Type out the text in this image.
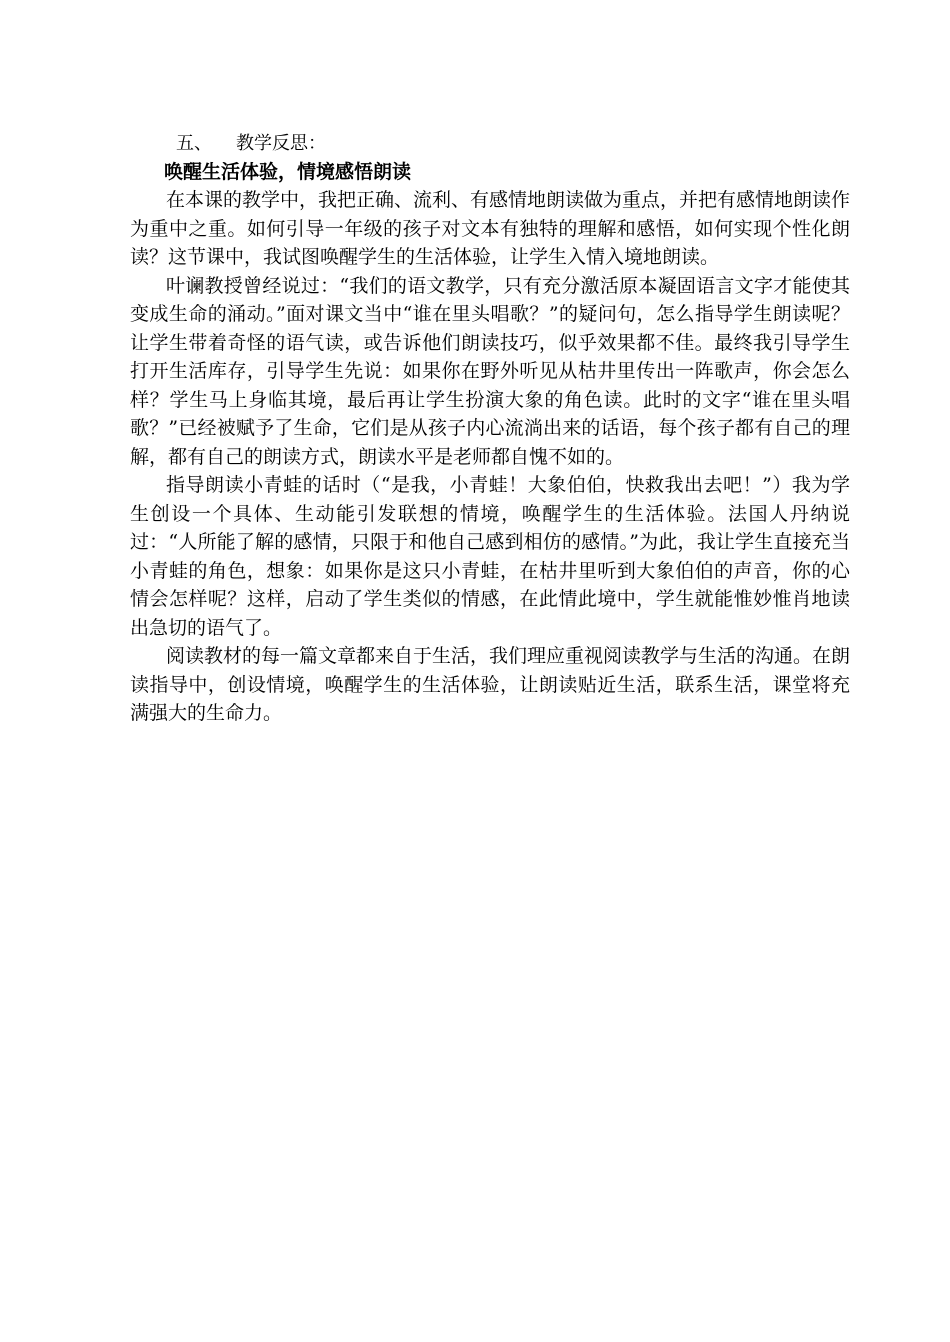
五、 教学反思：
唤醒生活体验，情境感悟朗读

在本课的教学中，我把正确、流利、有感情地朗读做为重点，并把有感情地朗读作为重中之重。如何引导一年级的孩子对文本有独特的理解和感悟，如何实现个性化朗读？这节课中，我试图唤醒学生的生活体验，让学生入情入境地朗读。

叶谰教授曾经说过：“我们的语文教学，只有充分激活原本凝固语言文字才能使其变成生命的涌动。”面对课文当中“谁在里头唱歌？”的疑问句，怎么指导学生朗读呢？让学生带着奇怪的语气读，或告诉他们朗读技巧，似乎效果都不佳。最终我引导学生打开生活库存，引导学生先说：如果你在野外听见从枯井里传出一阵歌声，你会怎么样？学生马上身临其境，最后再让学生扮演大象的角色读。此时的文字“谁在里头唱歌？”已经被赋予了生命，它们是从孩子内心流淌出来的话语，每个孩子都有自己的理解，都有自己的朗读方式，朗读水平是老师都自愧不如的。

指导朗读小青蛙的话时（“是我，小青蛙！大象伯伯，快救我出去吧！”）我为学生创设一个具体、生动能引发联想的情境，唤醒学生的生活体验。法国人丹纳说过：“人所能了解的感情，只限于和他自己感到相仿的感情。”为此，我让学生直接充当小青蛙的角色，想象：如果你是这只小青蛙，在枯井里听到大象伯伯的声音，你的心情会怎样呢？这样，启动了学生类似的情感，在此情此境中，学生就能惟妙惟肖地读出急切的语气了。

阅读教材的每一篇文章都来自于生活，我们理应重视阅读教学与生活的沟通。在朗读指导中，创设情境，唤醒学生的生活体验，让朗读贴近生活，联系生活，课堂将充满强大的生命力。
